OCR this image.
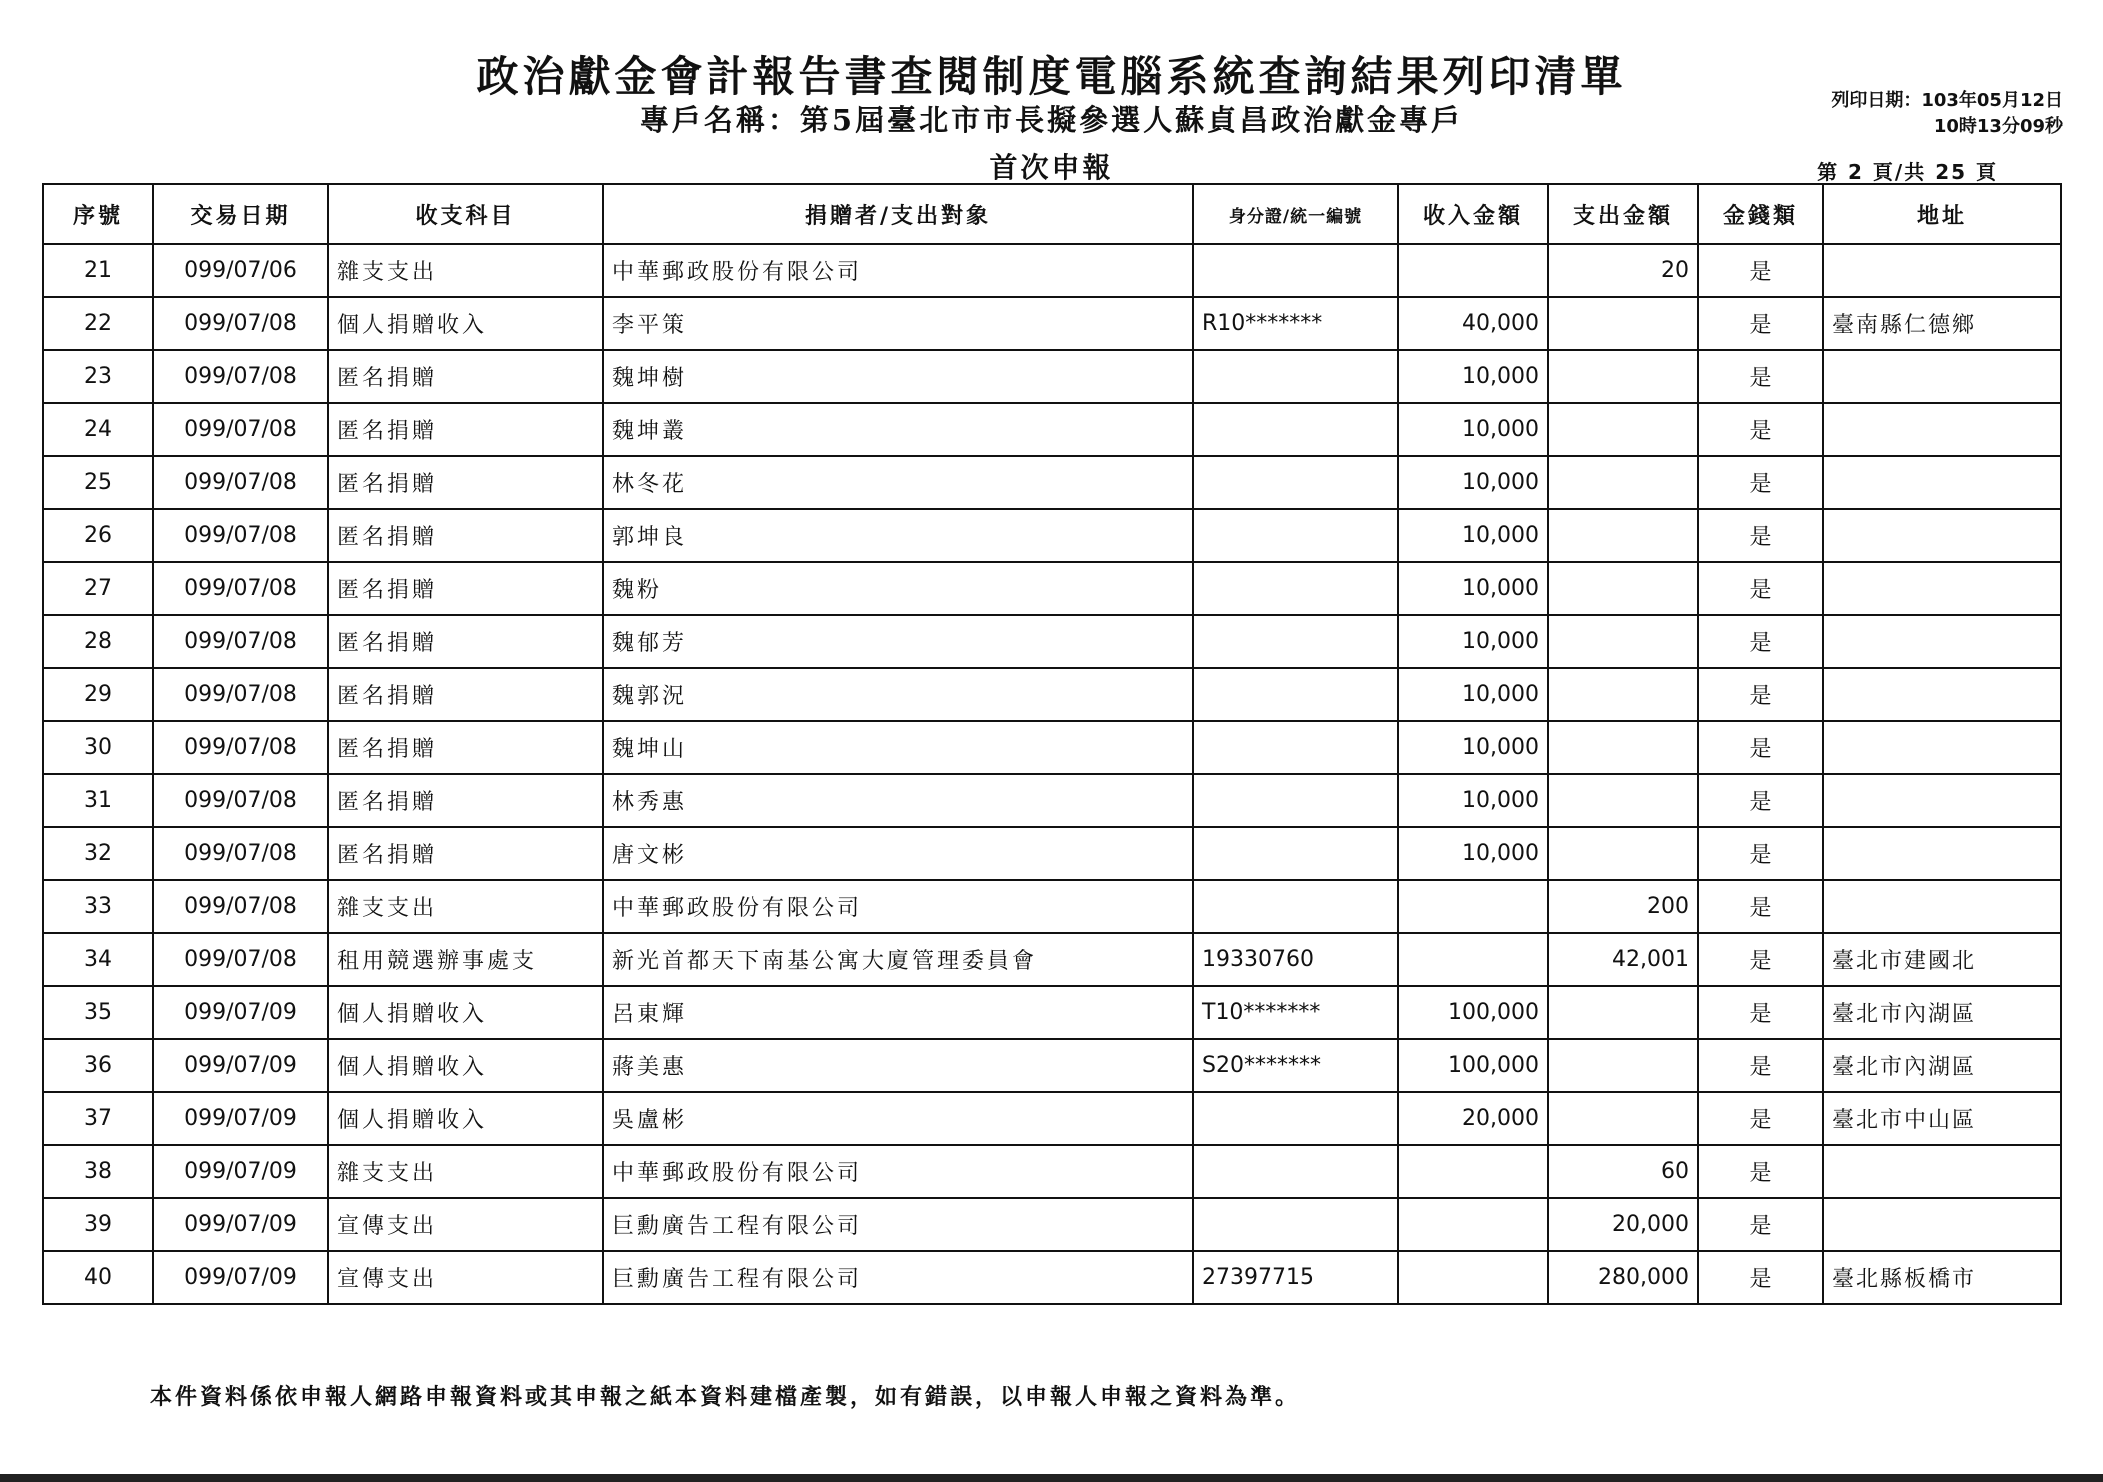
政治獻金會計報告書查閱制度電腦系統查詢結果列印清單
專戶名稱：第5屆臺北市市長擬參選人蘇貞昌政治獻金專戶
首次申報
列印日期：103年05月12日
10時13分09秒
第 2 頁/共 25 頁
序號	交易日期	收支科目	捐贈者/支出對象	身分證/統一編號	收入金額	支出金額	金錢類	地址
21	099/07/06	雜支支出	中華郵政股份有限公司			20	是	
22	099/07/08	個人捐贈收入	李平策	R10*******	40,000		是	臺南縣仁德鄉
23	099/07/08	匿名捐贈	魏坤樹		10,000		是	
24	099/07/08	匿名捐贈	魏坤叢		10,000		是	
25	099/07/08	匿名捐贈	林冬花		10,000		是	
26	099/07/08	匿名捐贈	郭坤良		10,000		是	
27	099/07/08	匿名捐贈	魏粉		10,000		是	
28	099/07/08	匿名捐贈	魏郁芳		10,000		是	
29	099/07/08	匿名捐贈	魏郭況		10,000		是	
30	099/07/08	匿名捐贈	魏坤山		10,000		是	
31	099/07/08	匿名捐贈	林秀惠		10,000		是	
32	099/07/08	匿名捐贈	唐文彬		10,000		是	
33	099/07/08	雜支支出	中華郵政股份有限公司			200	是	
34	099/07/08	租用競選辦事處支	新光首都天下南基公寓大廈管理委員會	19330760		42,001	是	臺北市建國北
35	099/07/09	個人捐贈收入	呂東輝	T10*******	100,000		是	臺北市內湖區
36	099/07/09	個人捐贈收入	蔣美惠	S20*******	100,000		是	臺北市內湖區
37	099/07/09	個人捐贈收入	吳盧彬		20,000		是	臺北市中山區
38	099/07/09	雜支支出	中華郵政股份有限公司			60	是	
39	099/07/09	宣傳支出	巨勳廣告工程有限公司			20,000	是	
40	099/07/09	宣傳支出	巨勳廣告工程有限公司	27397715		280,000	是	臺北縣板橋市
本件資料係依申報人網路申報資料或其申報之紙本資料建檔產製，如有錯誤，以申報人申報之資料為準。
